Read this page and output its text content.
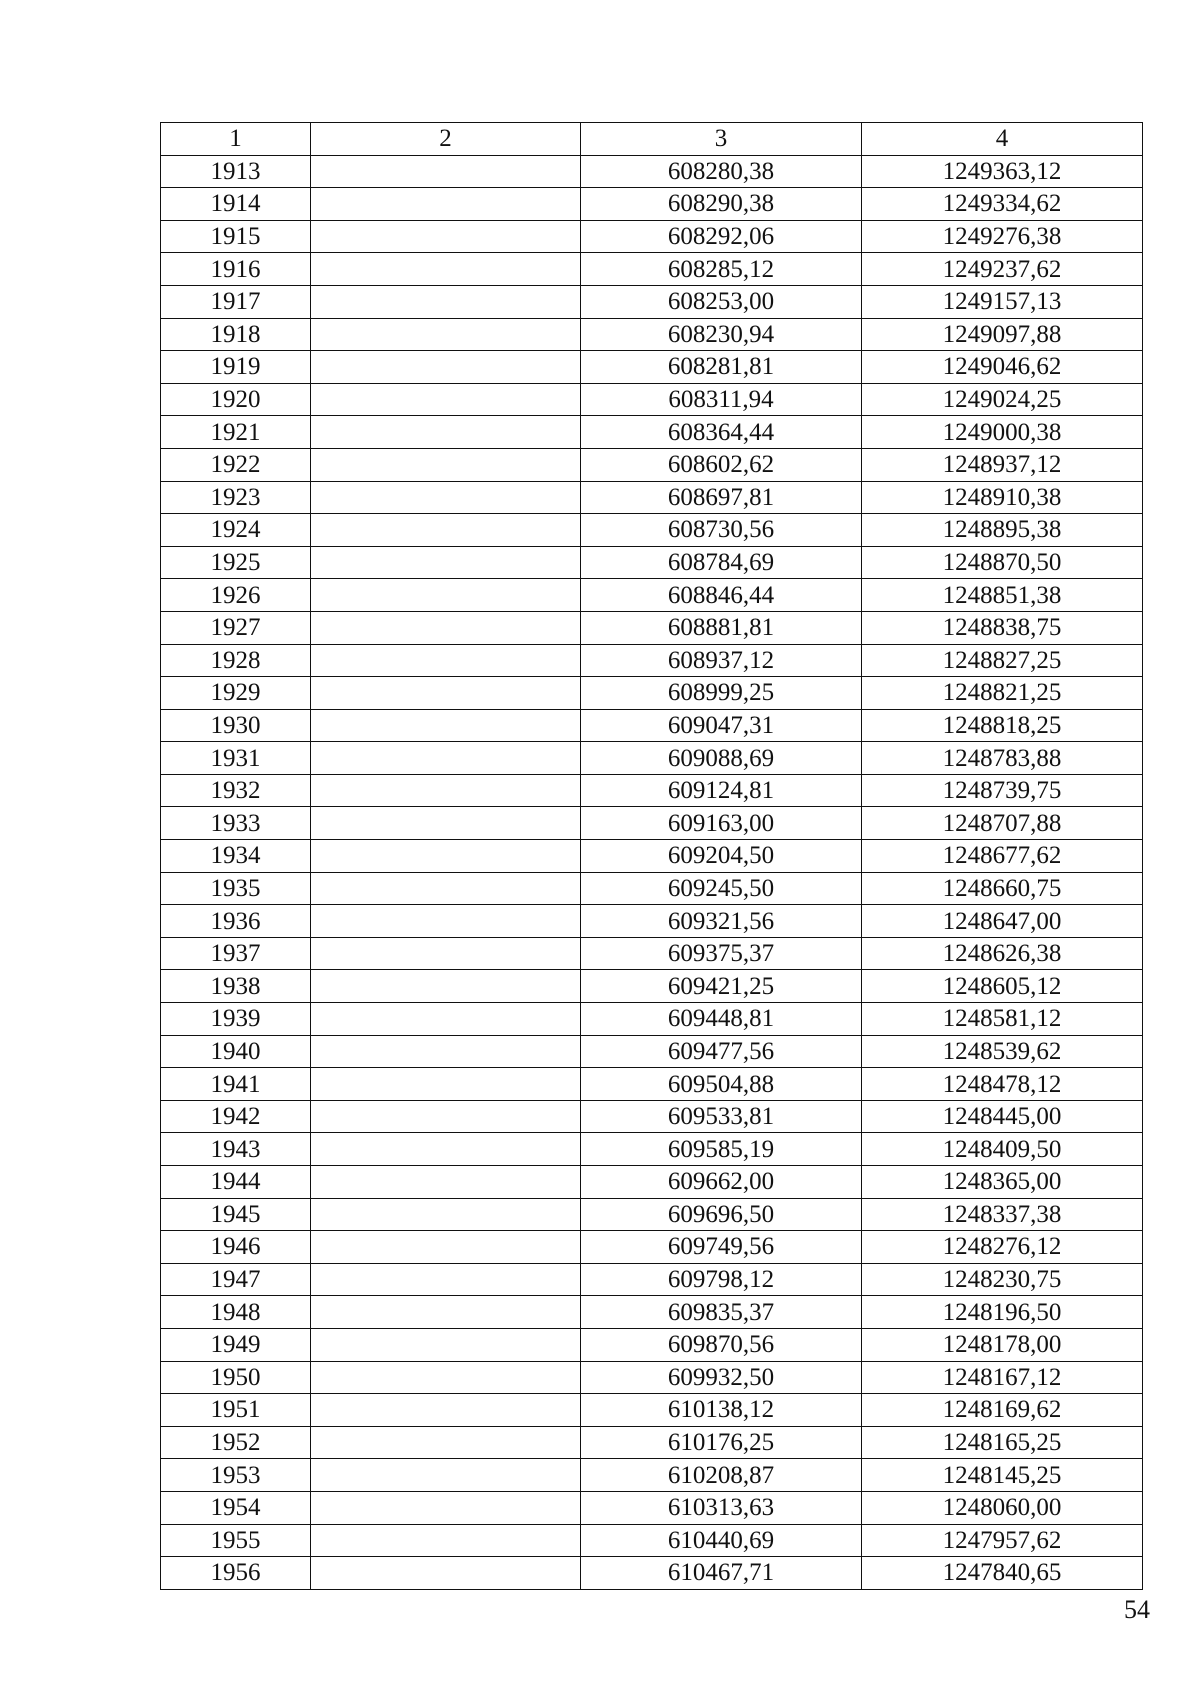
1	2	3	4
1913		608280,38	1249363,12
1914		608290,38	1249334,62
1915		608292,06	1249276,38
1916		608285,12	1249237,62
1917		608253,00	1249157,13
1918		608230,94	1249097,88
1919		608281,81	1249046,62
1920		608311,94	1249024,25
1921		608364,44	1249000,38
1922		608602,62	1248937,12
1923		608697,81	1248910,38
1924		608730,56	1248895,38
1925		608784,69	1248870,50
1926		608846,44	1248851,38
1927		608881,81	1248838,75
1928		608937,12	1248827,25
1929		608999,25	1248821,25
1930		609047,31	1248818,25
1931		609088,69	1248783,88
1932		609124,81	1248739,75
1933		609163,00	1248707,88
1934		609204,50	1248677,62
1935		609245,50	1248660,75
1936		609321,56	1248647,00
1937		609375,37	1248626,38
1938		609421,25	1248605,12
1939		609448,81	1248581,12
1940		609477,56	1248539,62
1941		609504,88	1248478,12
1942		609533,81	1248445,00
1943		609585,19	1248409,50
1944		609662,00	1248365,00
1945		609696,50	1248337,38
1946		609749,56	1248276,12
1947		609798,12	1248230,75
1948		609835,37	1248196,50
1949		609870,56	1248178,00
1950		609932,50	1248167,12
1951		610138,12	1248169,62
1952		610176,25	1248165,25
1953		610208,87	1248145,25
1954		610313,63	1248060,00
1955		610440,69	1247957,62
1956		610467,71	1247840,65
54
